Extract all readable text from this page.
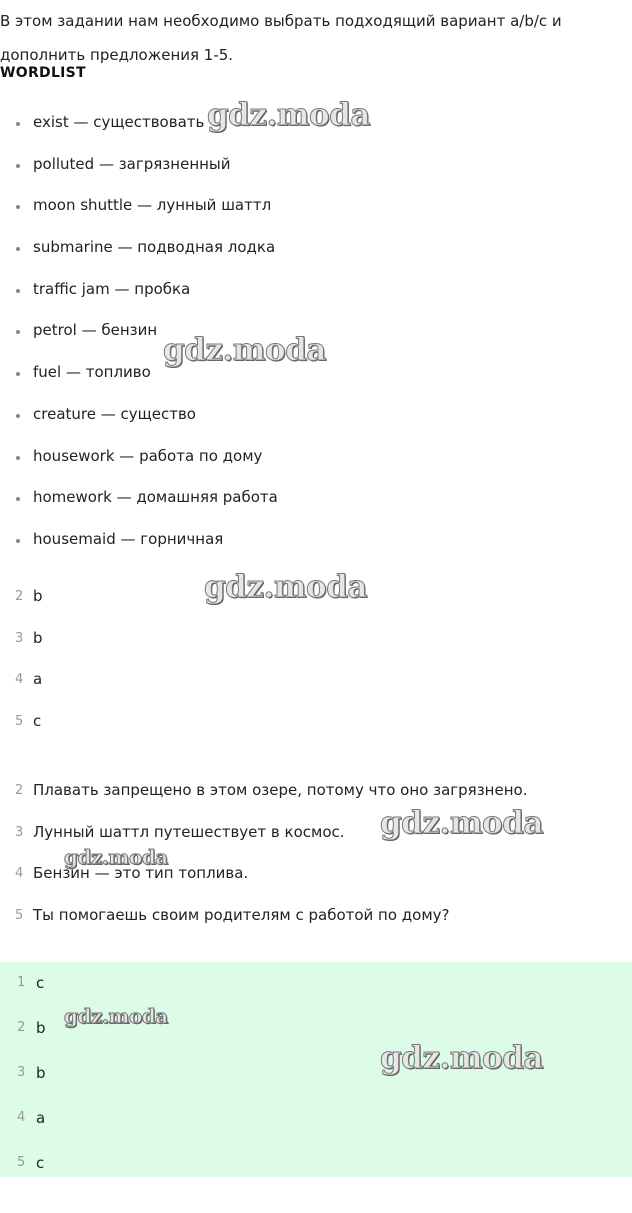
В этом задании нам необходимо выбрать подходящий вариант a/b/c и
дополнить предложения 1-5.
WORDLIST
exist — существовать
polluted — загрязненный
moon shuttle — лунный шаттл
submarine — подводная лодка
traffic jam — пробка
petrol — бензин
fuel — топливо
creature — существо
housework — работа по дому
homework — домашняя работа
housemaid — горничная
2 b
3 b
4 a
5 c
2 Плавать запрещено в этом озере, потому что оно загрязнено.
3 Лунный шаттл путешествует в космос.
4 Бензин — это тип топлива.
5 Ты помогаешь своим родителям с работой по дому?
1 c
2 b
3 b
4 a
5 c
gdz.moda
gdz.moda
gdz.moda
gdz.moda
gdz.moda
gdz.moda
gdz.moda
